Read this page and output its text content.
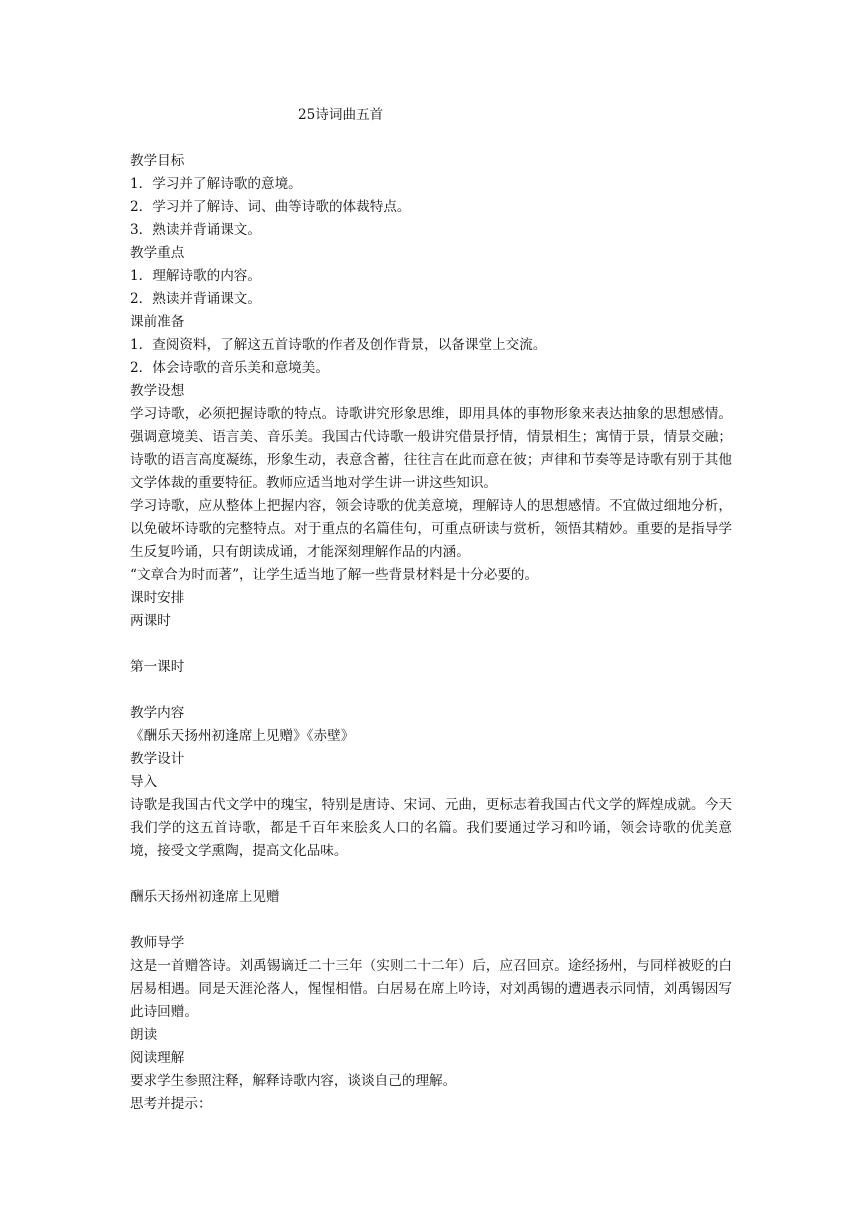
25诗词曲五首
教学目标
1．学习并了解诗歌的意境。
2．学习并了解诗、词、曲等诗歌的体裁特点。
3．熟读并背诵课文。
教学重点
1．理解诗歌的内容。
2．熟读并背诵课文。
课前准备
1．查阅资料，了解这五首诗歌的作者及创作背景，以备课堂上交流。
2．体会诗歌的音乐美和意境美。
教学设想
学习诗歌，必须把握诗歌的特点。诗歌讲究形象思维，即用具体的事物形象来表达抽象的思想感情。强调意境美、语言美、音乐美。我国古代诗歌一般讲究借景抒情，情景相生；寓情于景，情景交融；诗歌的语言高度凝练，形象生动，表意含蓄，往往言在此而意在彼；声律和节奏等是诗歌有别于其他文学体裁的重要特征。教师应适当地对学生讲一讲这些知识。
学习诗歌，应从整体上把握内容，领会诗歌的优美意境，理解诗人的思想感情。不宜做过细地分析，以免破坏诗歌的完整特点。对于重点的名篇佳句，可重点研读与赏析，领悟其精妙。重要的是指导学生反复吟诵，只有朗读成诵，才能深刻理解作品的内涵。
“文章合为时而著”，让学生适当地了解一些背景材料是十分必要的。
课时安排
两课时
第一课时
教学内容
《酬乐天扬州初逢席上见赠》《赤壁》
教学设计
导入
诗歌是我国古代文学中的瑰宝，特别是唐诗、宋词、元曲，更标志着我国古代文学的辉煌成就。今天我们学的这五首诗歌，都是千百年来脍炙人口的名篇。我们要通过学习和吟诵，领会诗歌的优美意境，接受文学熏陶，提高文化品味。
酬乐天扬州初逢席上见赠
教师导学
这是一首赠答诗。刘禹锡谪迁二十三年（实则二十二年）后，应召回京。途经扬州，与同样被贬的白居易相遇。同是天涯沦落人，惺惺相惜。白居易在席上吟诗，对刘禹锡的遭遇表示同情，刘禹锡因写此诗回赠。
朗读
阅读理解
要求学生参照注释，解释诗歌内容，谈谈自己的理解。
思考并提示：
